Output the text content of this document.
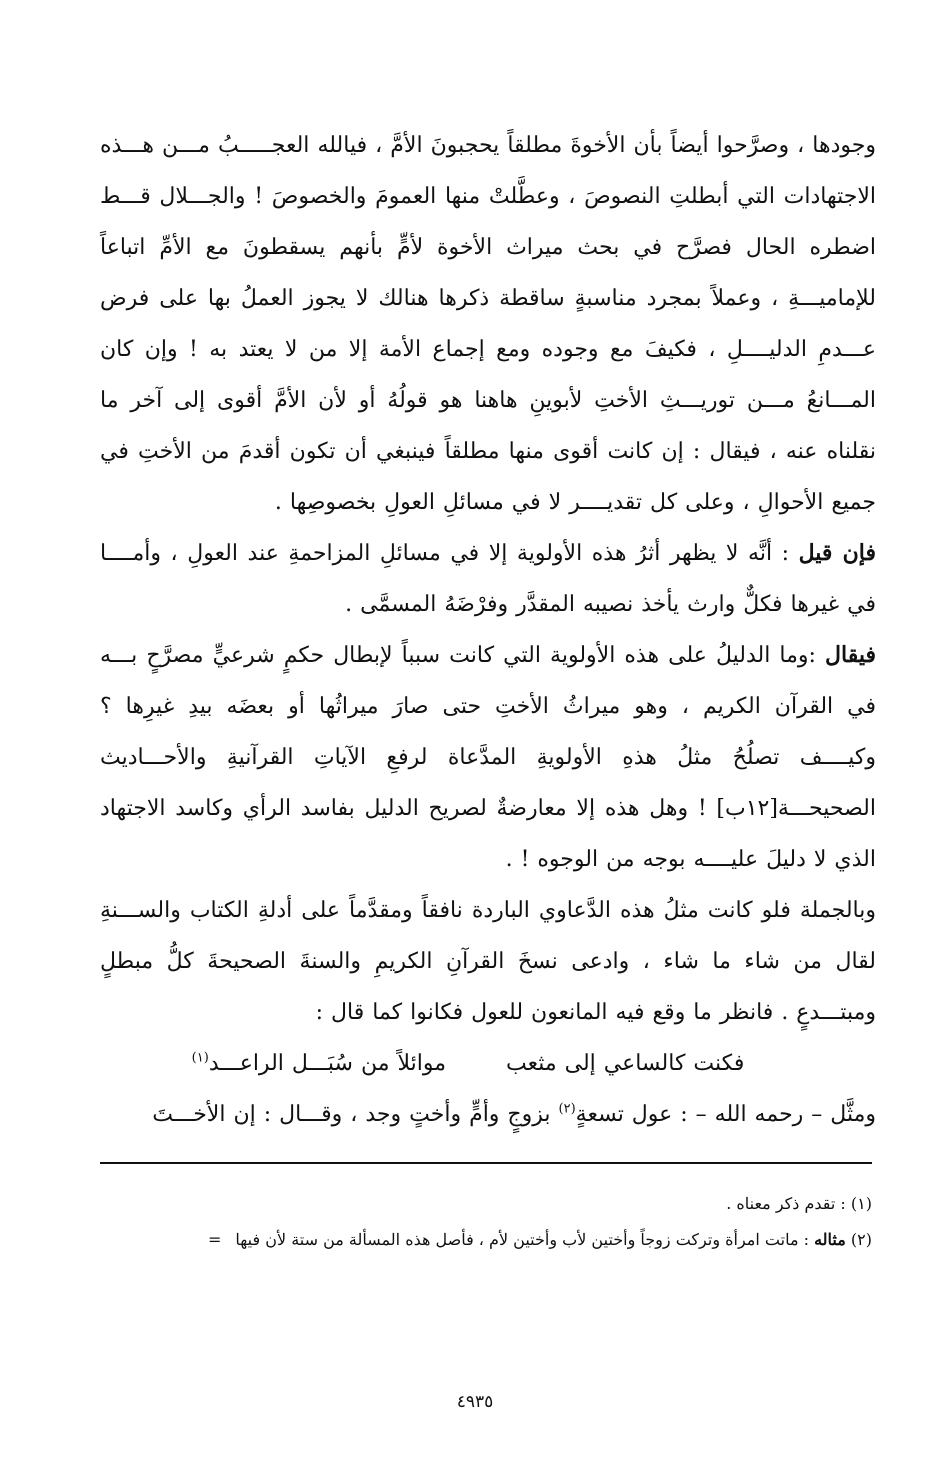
وجودها ، وصرَّحوا أيضاً بأن الأخوةَ مطلقاً يحجبونَ الأمَّ ، فيالله العجـــــبُ مـــن هـــذه الاجتهادات التي أبطلتِ النصوصَ ، وعطَّلتْ منها العمومَ والخصوصَ ! والجـــلال قـــط اضطره الحال فصرَّح في بحث ميراث الأخوة لأمٍّ بأنهم يسقطونَ مع الأمِّ اتباعاً للإماميـــةِ ، وعملاً بمجرد مناسبةٍ ساقطة ذكرها هنالك لا يجوز العملُ بها على فرض عـــدمِ الدليــــلِ ، فكيفَ مع وجوده ومع إجماع الأمة إلا من لا يعتد به ! وإن كان المـــانعُ مـــن توريـــثِ الأختِ لأبوينِ هاهنا هو قولُهُ أو لأن الأمَّ أقوى إلى آخر ما نقلناه عنه ، فيقال : إن كانت أقوى منها مطلقاً فينبغي أن تكون أقدمَ من الأختِ في جميع الأحوالِ ، وعلى كل تقديــــر لا في مسائلِ العولِ بخصوصِها .

فإن قيل : أنَّه لا يظهر أثرُ هذه الأولوية إلا في مسائلِ المزاحمةِ عند العولِ ، وأمــــا في غيرها فكلٌّ وارث يأخذ نصيبه المقدَّر وفرْضَهُ المسمَّى .

فيقال :وما الدليلُ على هذه الأولوية التي كانت سبباً لإبطال حكمٍ شرعيٍّ مصرَّحٍ بـــه في القرآن الكريم ، وهو ميراثُ الأختِ حتى صارَ ميراثُها أو بعضَه بيدِ غيرِها ؟ وكيــــف تصلُحُ مثلُ هذهِ الأولويةِ المدَّعاة لرفعِ الآياتِ القرآنيةِ والأحـــاديث الصحيحـــة[١٢ب] ! وهل هذه إلا معارضةٌ لصريح الدليل بفاسد الرأي وكاسد الاجتهاد الذي لا دليلَ عليــــه بوجه من الوجوه ! .

وبالجملة فلو كانت مثلُ هذه الدَّعاوي الباردة نافقاً ومقدَّماً على أدلةِ الكتاب والســـنةِ لقال من شاء ما شاء ، وادعى نسخَ القرآنِ الكريمِ والسنةَ الصحيحةَ كلُّ مبطلٍ ومبتـــدعٍ . فانظر ما وقع فيه المانعون للعول فكانوا كما قال :

فكنت كالساعي إلى مثعب
موائلاً من سُبَـــل الراعـــد$^{(١)}$

ومثَّل – رحمه الله – : عول تسعةٍ$^{(٢)}$ بزوجٍ وأمٍّ وأختٍ وجد ، وقـــال : إن الأخـــتَ

(١) : تقدم ذكر معناه .

(٢) مثاله : ماتت امرأة وتركت زوجاً وأختين لأب وأختين لأم ، فأصل هذه المسألة من ستة لأن فيها=

٤٩٣٥
